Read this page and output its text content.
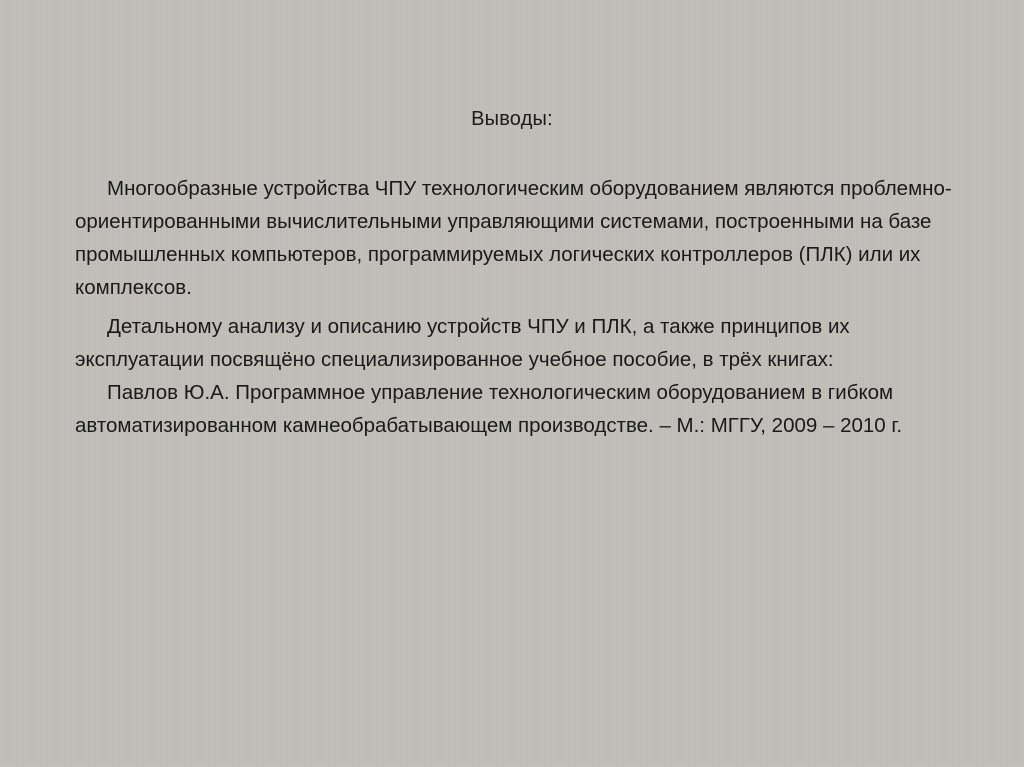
Выводы:

Многообразные устройства ЧПУ технологическим оборудованием являются проблемно-ориентированными вычислительными управляющими системами, построенными на базе промышленных компьютеров, программируемых логических контроллеров (ПЛК) или их комплексов.

Детальному анализу и описанию устройств ЧПУ и ПЛК, а также принципов их эксплуатации посвящёно специализированное учебное пособие, в трёх книгах:

Павлов Ю.А. Программное управление технологическим оборудованием в гибком автоматизированном камнеобрабатывающем производстве. – М.: МГГУ, 2009 – 2010 г.
